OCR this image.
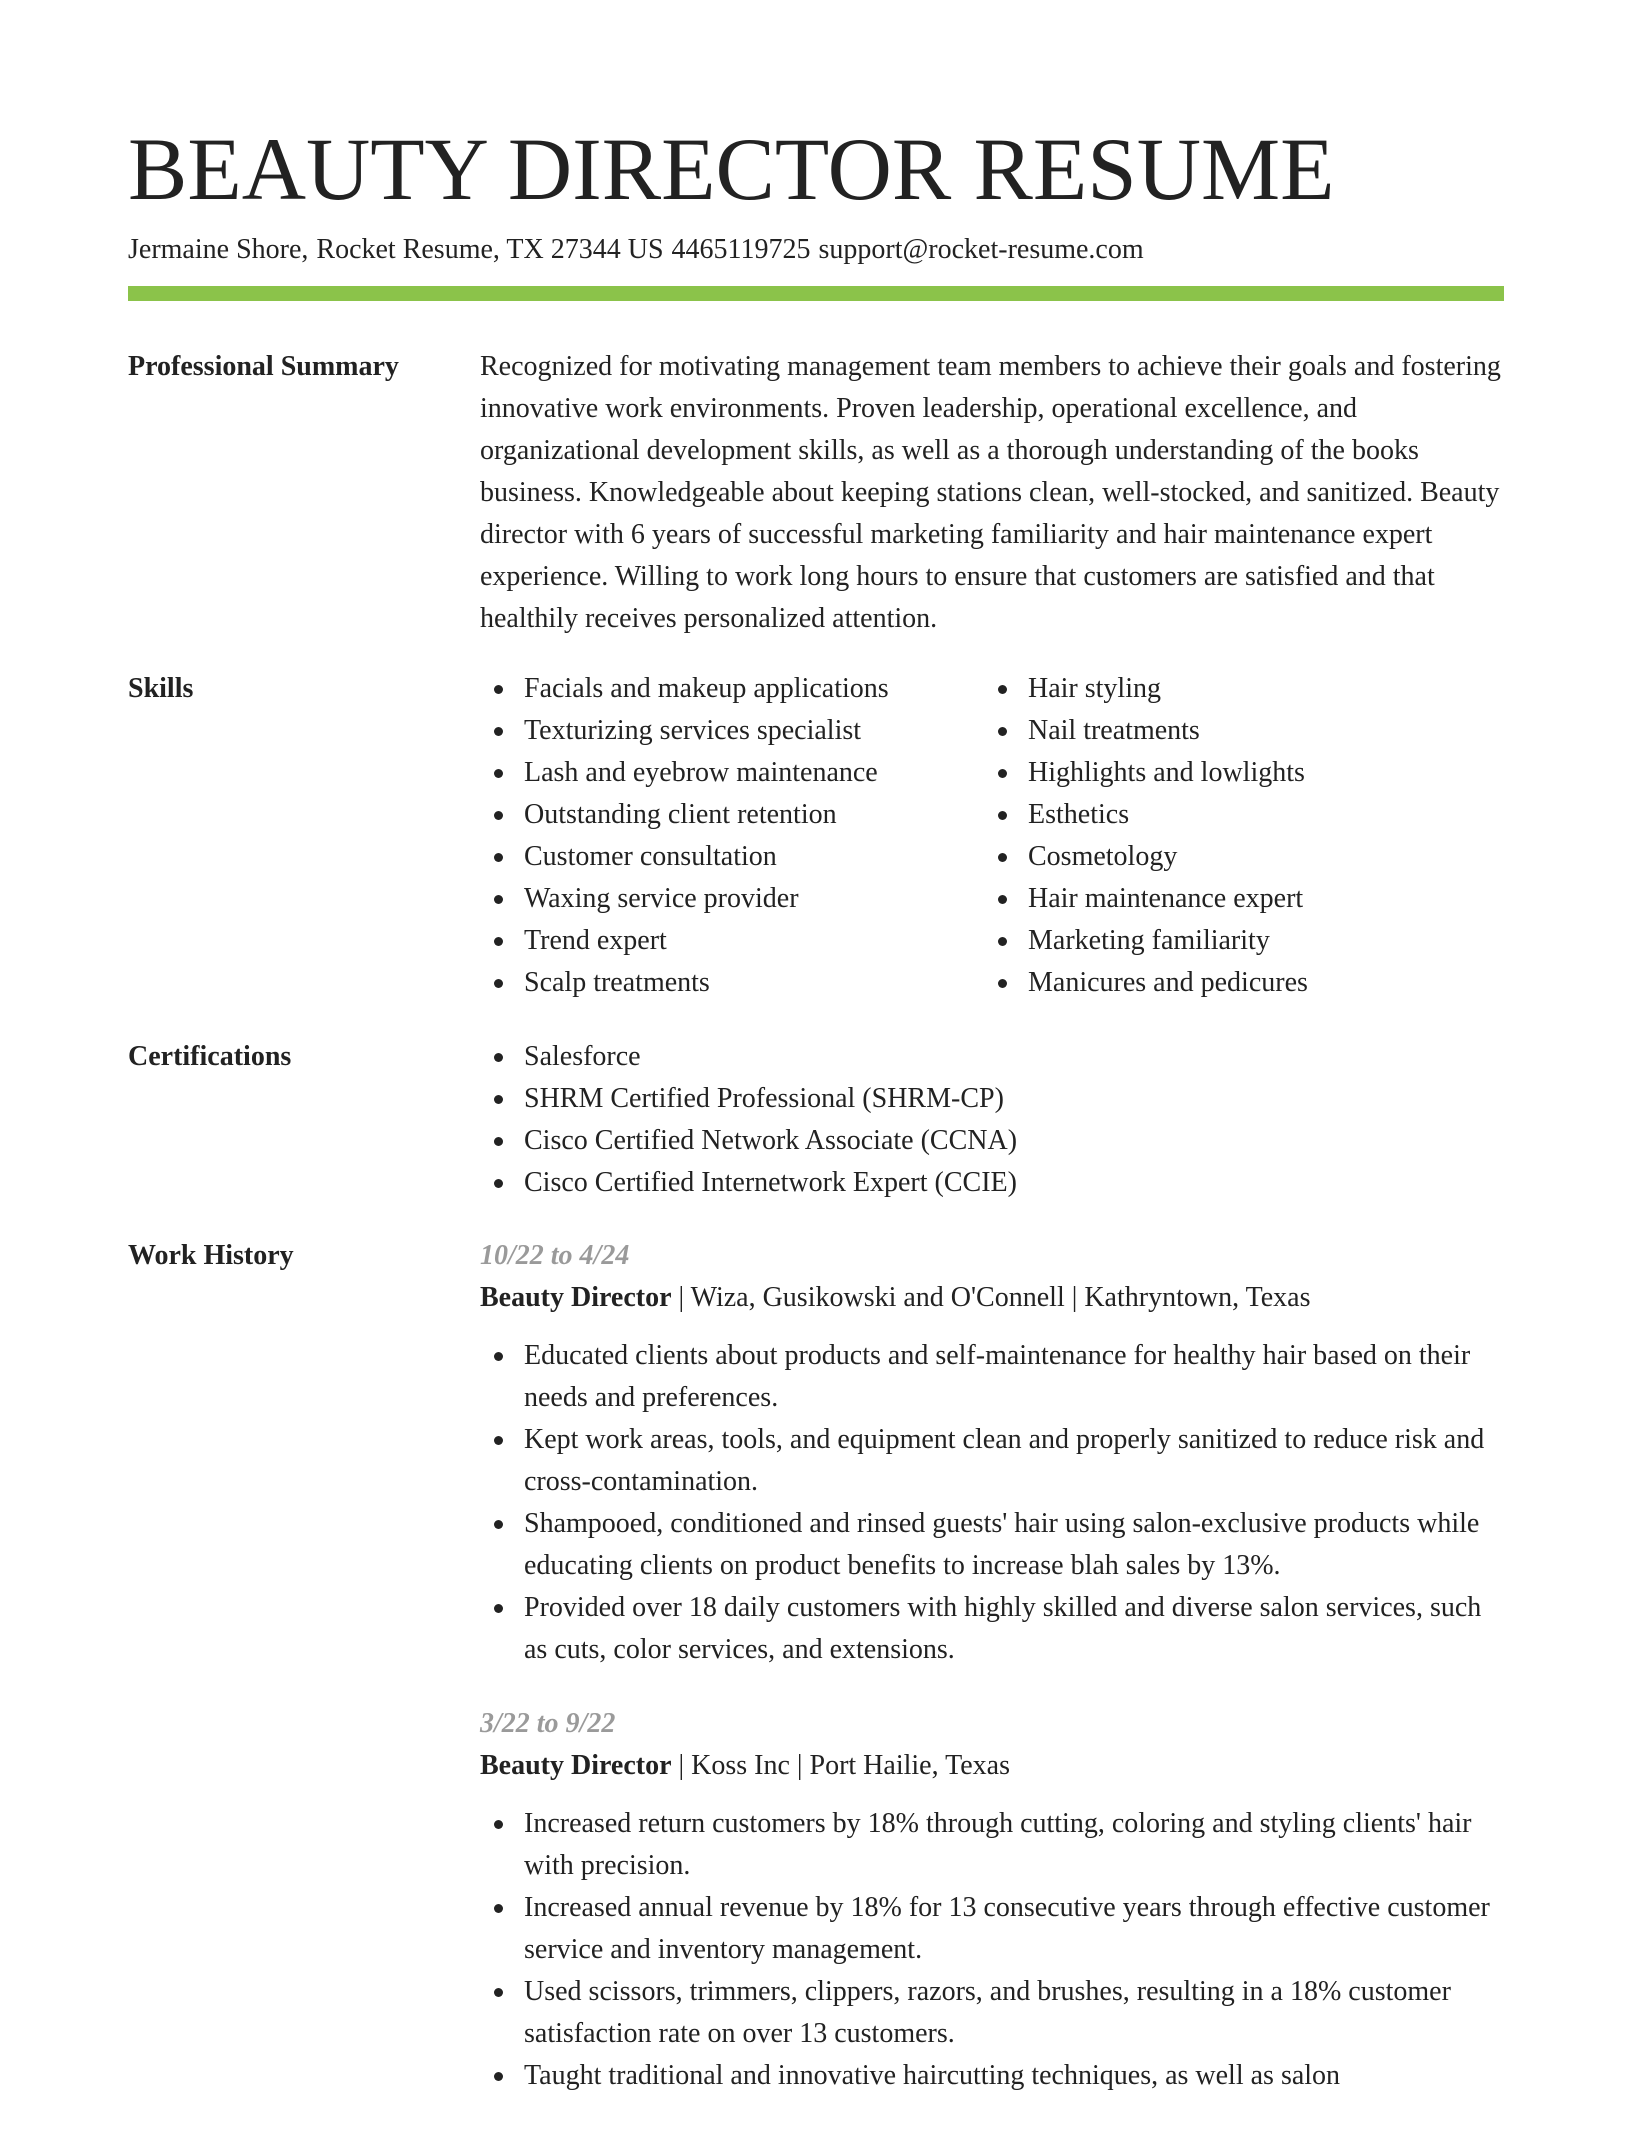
BEAUTY DIRECTOR RESUME
Jermaine Shore, Rocket Resume, TX 27344 US 4465119725 support@rocket-resume.com
Professional Summary	Recognized for motivating management team members to achieve their goals and fostering innovative work environments. Proven leadership, operational excellence, and organizational development skills, as well as a thorough understanding of the books business. Knowledgeable about keeping stations clean, well-stocked, and sanitized. Beauty director with 6 years of successful marketing familiarity and hair maintenance expert experience. Willing to work long hours to ensure that customers are satisfied and that healthily receives personalized attention.

Skills	Facials and makeup applications
Texturizing services specialist
Lash and eyebrow maintenance
Outstanding client retention
Customer consultation
Waxing service provider
Trend expert
Scalp treatments
Hair styling
Nail treatments
Highlights and lowlights
Esthetics
Cosmetology
Hair maintenance expert
Marketing familiarity
Manicures and pedicures
Certifications	Salesforce
SHRM Certified Professional (SHRM-CP)
Cisco Certified Network Associate (CCNA)
Cisco Certified Internetwork Expert (CCIE)
Work History	10/22 to 4/24
Beauty Director | Wiza, Gusikowski and O'Connell | Kathryntown, Texas
Educated clients about products and self-maintenance for healthy hair based on their needs and preferences.
Kept work areas, tools, and equipment clean and properly sanitized to reduce risk and cross-contamination.
Shampooed, conditioned and rinsed guests' hair using salon-exclusive products while educating clients on product benefits to increase blah sales by 13%.
Provided over 18 daily customers with highly skilled and diverse salon services, such as cuts, color services, and extensions.
3/22 to 9/22
Beauty Director | Koss Inc | Port Hailie, Texas
Increased return customers by 18% through cutting, coloring and styling clients' hair with precision.
Increased annual revenue by 18% for 13 consecutive years through effective customer service and inventory management.
Used scissors, trimmers, clippers, razors, and brushes, resulting in a 18% customer satisfaction rate on over 13 customers.
Taught traditional and innovative haircutting techniques, as well as salon
